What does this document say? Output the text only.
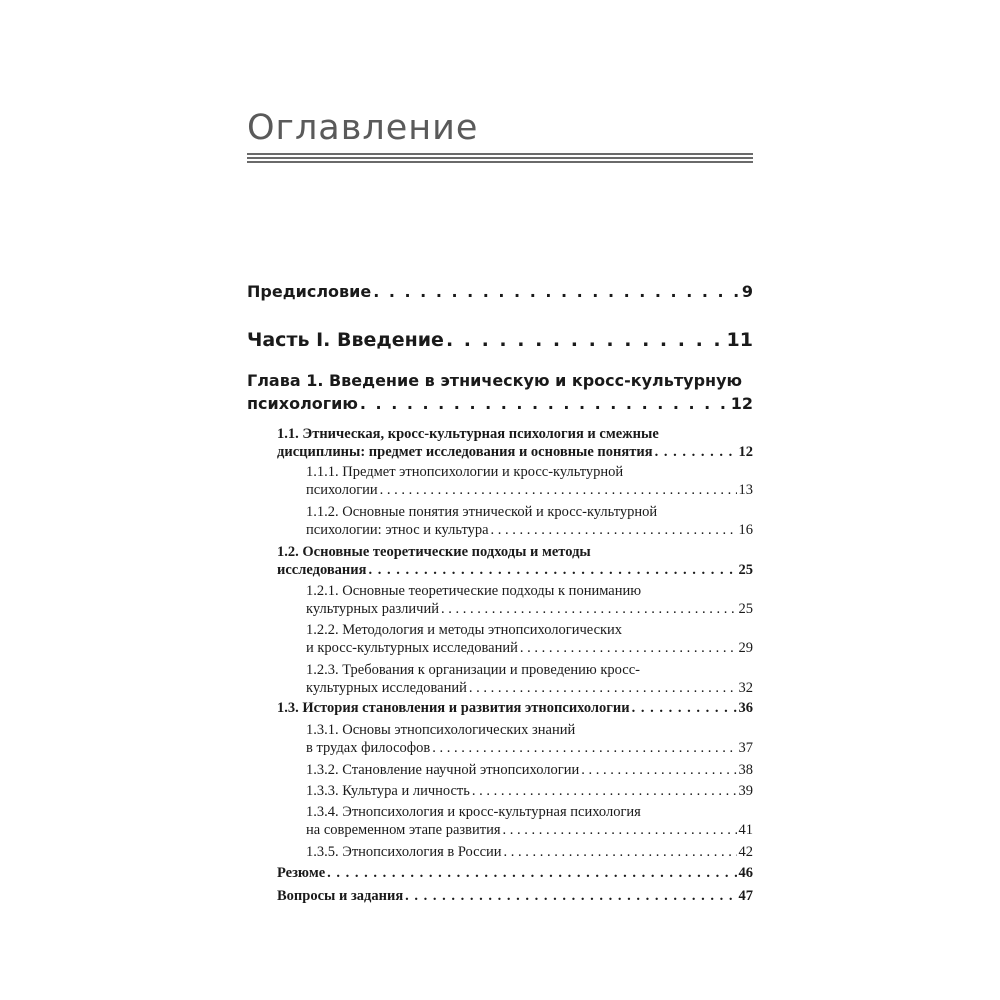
Оглавление
Предисловие . . .	9
Часть I. Введение . . .	11
Глава 1. Введение в этническую и кросс-культурную
психологию . . .	12
1.1. Этническая, кросс-культурная психология и смежные
дисциплины: предмет исследования и основные понятия . . .	12
1.1.1. Предмет этнопсихологии и кросс-культурной
психологии . . .	13
1.1.2. Основные понятия этнической и кросс-культурной
психологии: этнос и культура . . .	16
1.2. Основные теоретические подходы и методы
исследования . . .	25
1.2.1. Основные теоретические подходы к пониманию
культурных различий . . .	25
1.2.2. Методология и методы этнопсихологических
и кросс-культурных исследований . . .	29
1.2.3. Требования к организации и проведению кросс-
культурных исследований . . .	32
1.3. История становления и развития этнопсихологии . . .	36
1.3.1. Основы этнопсихологических знаний
в трудах философов . . .	37
1.3.2. Становление научной этнопсихологии . . .	38
1.3.3. Культура и личность . . .	39
1.3.4. Этнопсихология и кросс-культурная психология
на современном этапе развития . . .	41
1.3.5. Этнопсихология в России . . .	42
Резюме . . .	46
Вопросы и задания . . .	47
